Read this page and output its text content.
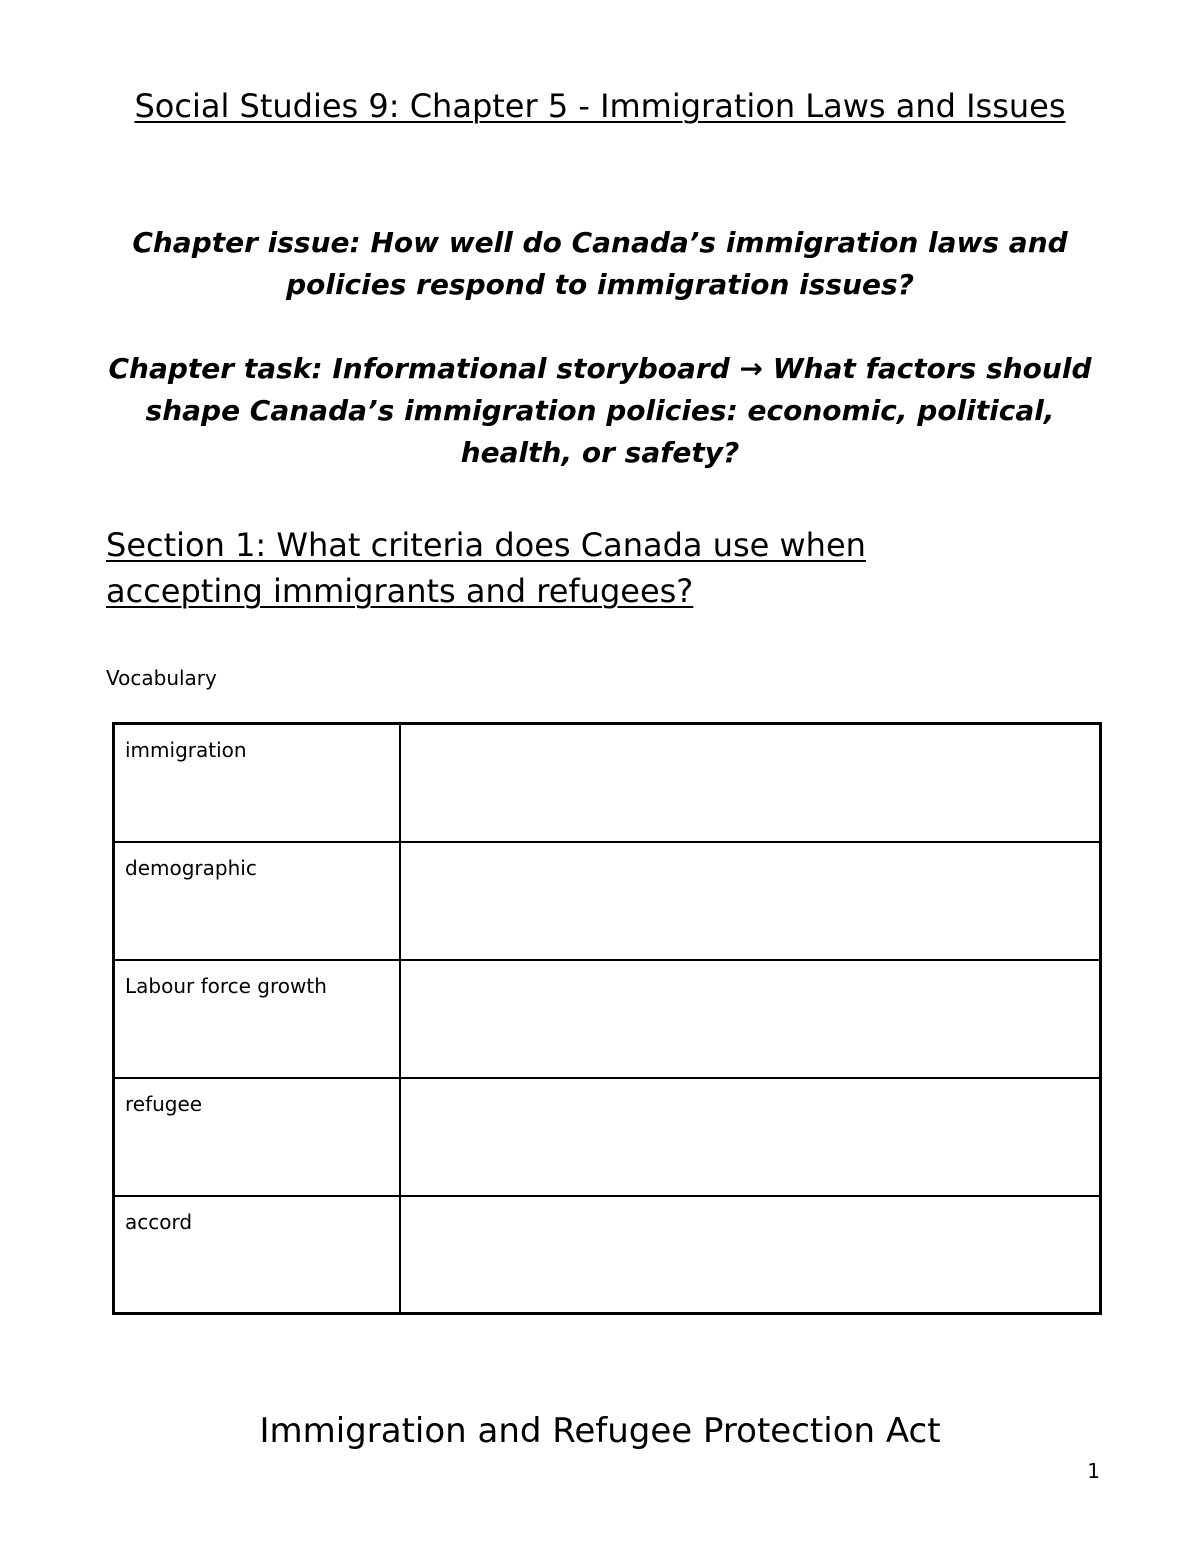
Social Studies 9: Chapter 5 - Immigration Laws and Issues
Chapter issue: How well do Canada’s immigration laws and policies respond to immigration issues?
Chapter task: Informational storyboard → What factors should shape Canada’s immigration policies: economic, political, health, or safety?
Section 1: What criteria does Canada use when accepting immigrants and refugees?
Vocabulary
immigration	
demographic	
Labour force growth	
refugee	
accord	
Immigration and Refugee Protection Act
1
